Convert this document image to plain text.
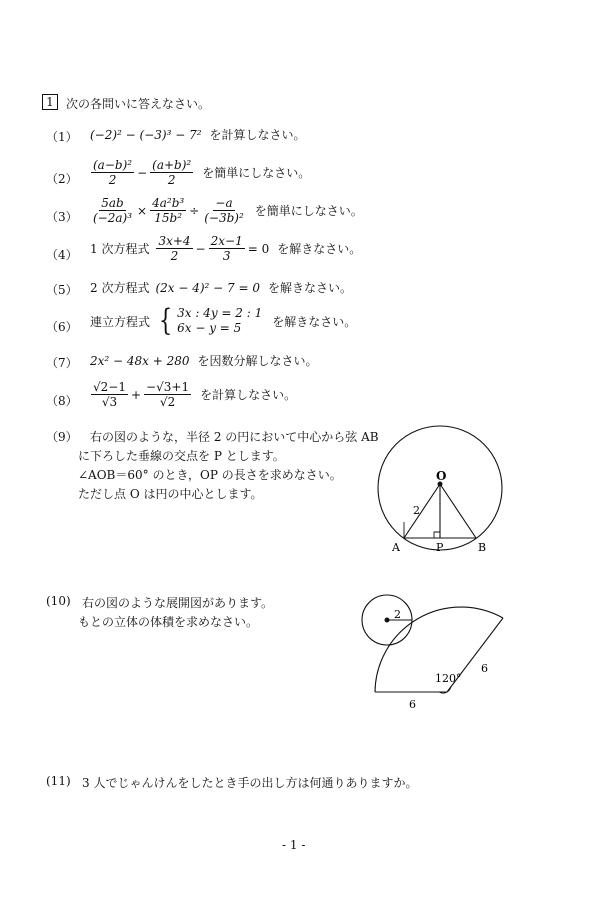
1	次の各問いに答えなさい。
（1） (−2)² − (−3)³ − 7² を計算しなさい。
$(2) \frac{\text{(a−b)²}}{2} - \frac{\text{(a+b)²}}{2}$ を簡単にしなさい。
$(3) \frac{5ab}{\text{(−2a)³}} \times \frac{\text{4a²b³}}{\text{15b²}} \div \frac{-a}{\text{(−3b)²}}$ を簡単にしなさい。
（4） 1 次方程式 $\frac{3x+4}{2} - \frac{2x-1}{3} = 0$ を解きなさい。
（5） 2 次方程式 (2x − 4)² − 7 = 0 を解きなさい。
（6） 連立方程式 { 3x : 4y = 2 : 1
6x − y = 5	を解きなさい。
（7） 2x² − 48x + 280 を因数分解しなさい。
$(8) \frac{√2-1}{√3} + \frac{-√3+1}{√2}$ を計算しなさい。
（9） 右の図のような，半径 2 の円において中心から弦 AB
に下ろした垂線の交点を P とします。
∠AOB＝60° のとき，OP の長さを求めなさい。
ただし点 O は円の中心とします。
O
2
A	P	B
(10) 右の図のような展開図があります。
もとの立体の体積を求めなさい。
2
120°
6
6
(11) 3 人でじゃんけんをしたとき手の出し方は何通りありますか。
- 1 -
